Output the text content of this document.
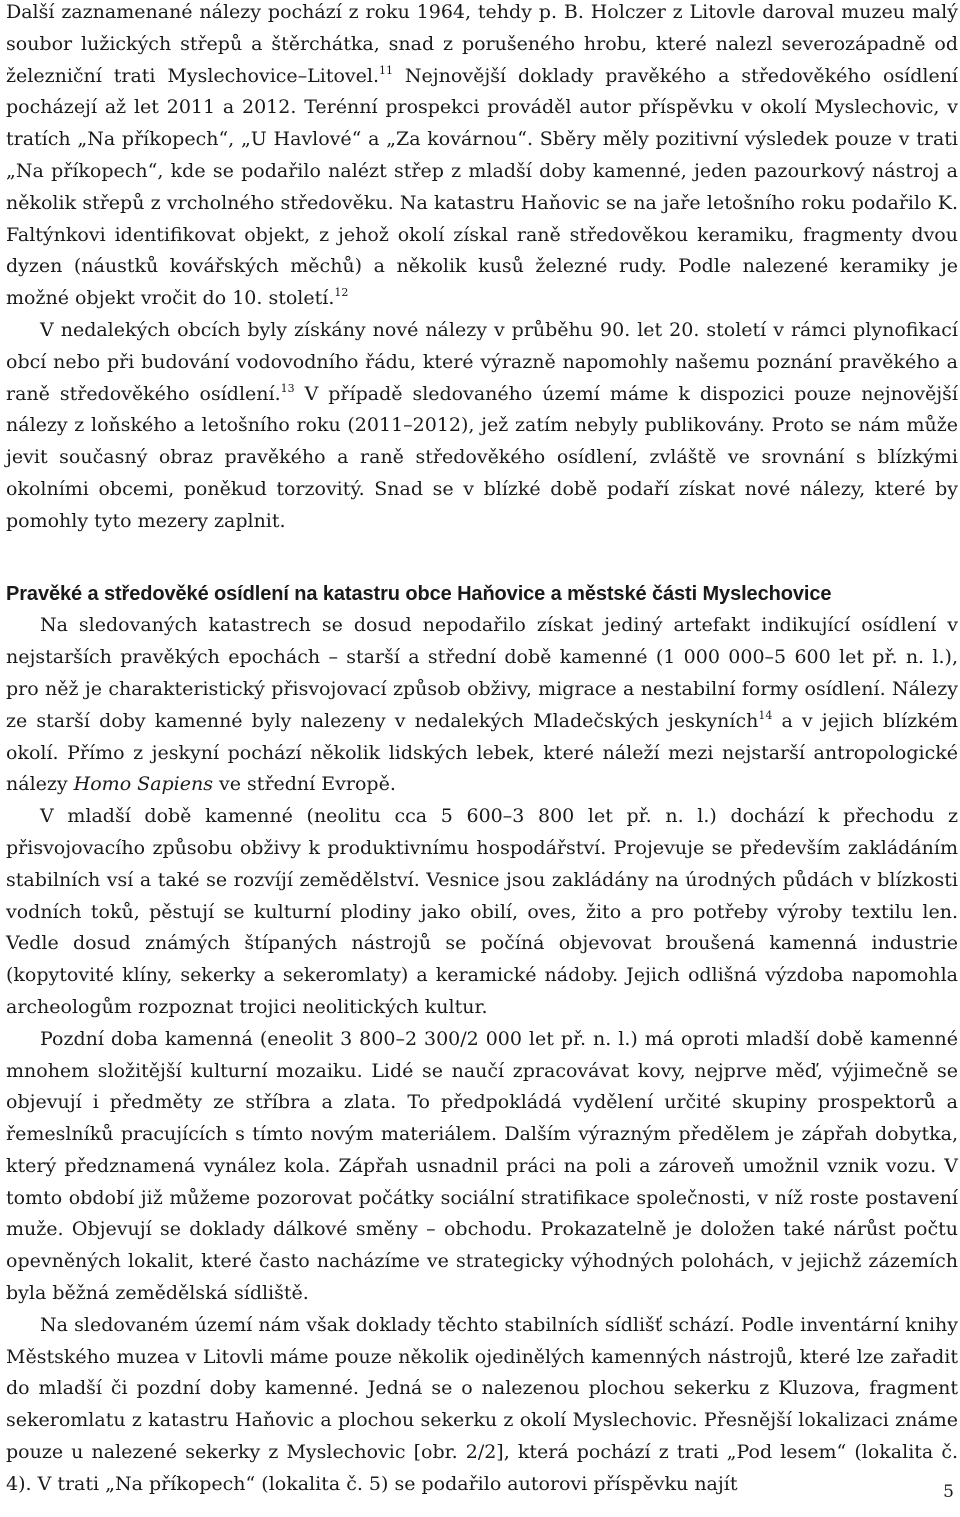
Další zaznamenané nálezy pochází z roku 1964, tehdy p. B. Holczer z Litovle daroval muzeu malý soubor lužických střepů a štěrchátka, snad z porušeného hrobu, které nalezl severozápadně od železniční trati Myslechovice–Litovel.$^{11}$ Nejnovější doklady pravěkého a středověkého osídlení pocházejí až let 2011 a 2012. Terénní prospekci prováděl autor příspěvku v okolí Myslechovic, v tratích „Na příkopech“, „U Havlové“ a „Za kovárnou“. Sběry měly pozitivní výsledek pouze v trati „Na příkopech“, kde se podařilo nalézt střep z mladší doby kamenné, jeden pazourkový nástroj a několik střepů z vrcholného středověku. Na katastru Haňovic se na jaře letošního roku podařilo K. Faltýnkovi identifikovat objekt, z jehož okolí získal raně středověkou keramiku, fragmenty dvou dyzen (náustků kovářských měchů) a několik kusů železné rudy. Podle nalezené keramiky je možné objekt vročit do 10. století.$^{12}$

V nedalekých obcích byly získány nové nálezy v průběhu 90. let 20. století v rámci plynofikací obcí nebo při budování vodovodního řádu, které výrazně napomohly našemu poznání pravěkého a raně středověkého osídlení.$^{13}$ V případě sledovaného území máme k dispozici pouze nejnovější nálezy z loňského a letošního roku (2011–2012), jež zatím nebyly publikovány. Proto se nám může jevit současný obraz pravěkého a raně středověkého osídlení, zvláště ve srovnání s blízkými okolními obcemi, poněkud torzovitý. Snad se v blízké době podaří získat nové nálezy, které by pomohly tyto mezery zaplnit.

Pravěké a středověké osídlení na katastru obce Haňovice a městské části Myslechovice

Na sledovaných katastrech se dosud nepodařilo získat jediný artefakt indikující osídlení v nejstarších pravěkých epochách – starší a střední době kamenné (1 000 000–5 600 let př. n. l.), pro něž je charakteristický přisvojovací způsob obživy, migrace a nestabilní formy osídlení. Nálezy ze starší doby kamenné byly nalezeny v nedalekých Mladečských jeskyních$^{14}$ a v jejich blízkém okolí. Přímo z jeskyní pochází několik lidských lebek, které náleží mezi nejstarší antropologické nálezy Homo Sapiens ve střední Evropě.

V mladší době kamenné (neolitu cca 5 600–3 800 let př. n. l.) dochází k přechodu z přisvojovacího způsobu obživy k produktivnímu hospodářství. Projevuje se především zakládáním stabilních vsí a také se rozvíjí zemědělství. Vesnice jsou zakládány na úrodných půdách v blízkosti vodních toků, pěstují se kulturní plodiny jako obilí, oves, žito a pro potřeby výroby textilu len. Vedle dosud známých štípaných nástrojů se počíná objevovat broušená kamenná industrie (kopytovité klíny, sekerky a sekeromlaty) a keramické nádoby. Jejich odlišná výzdoba napomohla archeologům rozpoznat trojici neolitických kultur.

Pozdní doba kamenná (eneolit 3 800–2 300/2 000 let př. n. l.) má oproti mladší době kamenné mnohem složitější kulturní mozaiku. Lidé se naučí zpracovávat kovy, nejprve měď, výjimečně se objevují i předměty ze stříbra a zlata. To předpokládá vydělení určité skupiny prospektorů a řemeslníků pracujících s tímto novým materiálem. Dalším výrazným předělem je zápřah dobytka, který předznamená vynález kola. Zápřah usnadnil práci na poli a zároveň umožnil vznik vozu. V tomto období již můžeme pozorovat počátky sociální stratifikace společnosti, v níž roste postavení muže. Objevují se doklady dálkové směny – obchodu. Prokazatelně je doložen také nárůst počtu opevněných lokalit, které často nacházíme ve strategicky výhodných polohách, v jejichž zázemích byla běžná zemědělská sídliště.

Na sledovaném území nám však doklady těchto stabilních sídlišť schází. Podle inventární knihy Městského muzea v Litovli máme pouze několik ojedinělých kamenných nástrojů, které lze zařadit do mladší či pozdní doby kamenné. Jedná se o nalezenou plochou sekerku z Kluzova, fragment sekeromlatu z katastru Haňovic a plochou sekerku z okolí Myslechovic. Přesnější lokalizaci známe pouze u nalezené sekerky z Myslechovic [obr. 2/2], která pochází z trati „Pod lesem“ (lokalita č. 4). V trati „Na příkopech“ (lokalita č. 5) se podařilo autorovi příspěvku najít	5
